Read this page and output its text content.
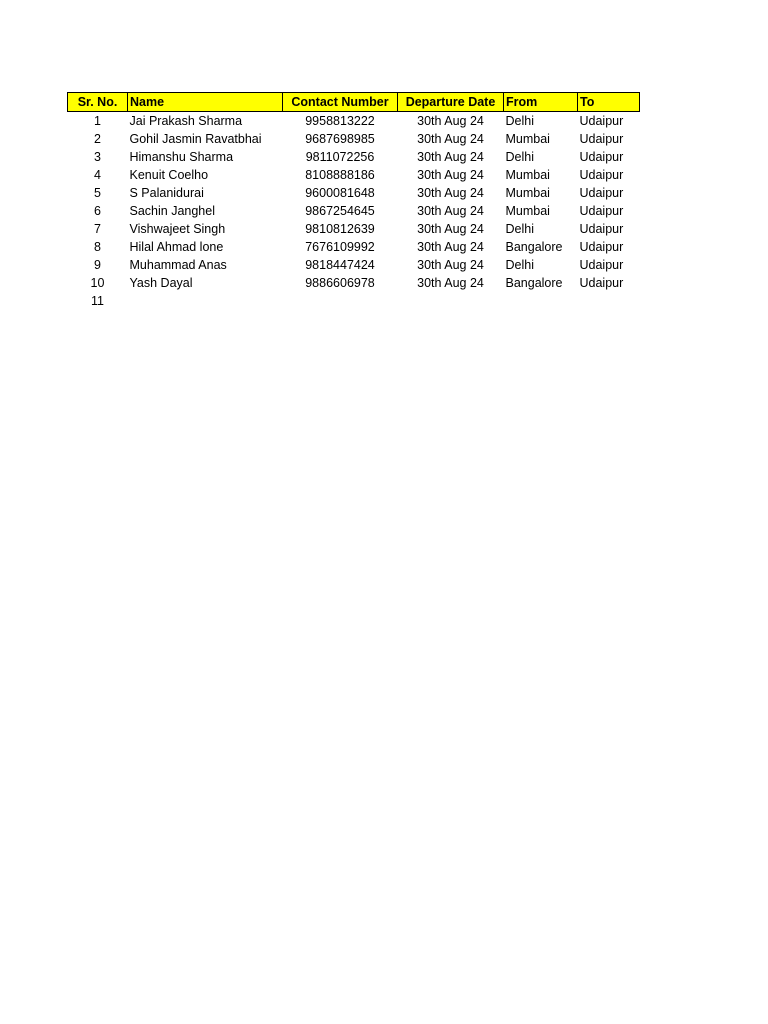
Sr. No.	Name	Contact Number	Departure Date	From	To
1	Jai Prakash Sharma	9958813222	30th Aug 24	Delhi	Udaipur
2	Gohil Jasmin Ravatbhai	9687698985	30th Aug 24	Mumbai	Udaipur
3	Himanshu Sharma	9811072256	30th Aug 24	Delhi	Udaipur
4	Kenuit Coelho	8108888186	30th Aug 24	Mumbai	Udaipur
5	S Palanidurai	9600081648	30th Aug 24	Mumbai	Udaipur
6	Sachin Janghel	9867254645	30th Aug 24	Mumbai	Udaipur
7	Vishwajeet Singh	9810812639	30th Aug 24	Delhi	Udaipur
8	Hilal Ahmad lone	7676109992	30th Aug 24	Bangalore	Udaipur
9	Muhammad Anas	9818447424	30th Aug 24	Delhi	Udaipur
10	Yash Dayal	9886606978	30th Aug 24	Bangalore	Udaipur
11					
